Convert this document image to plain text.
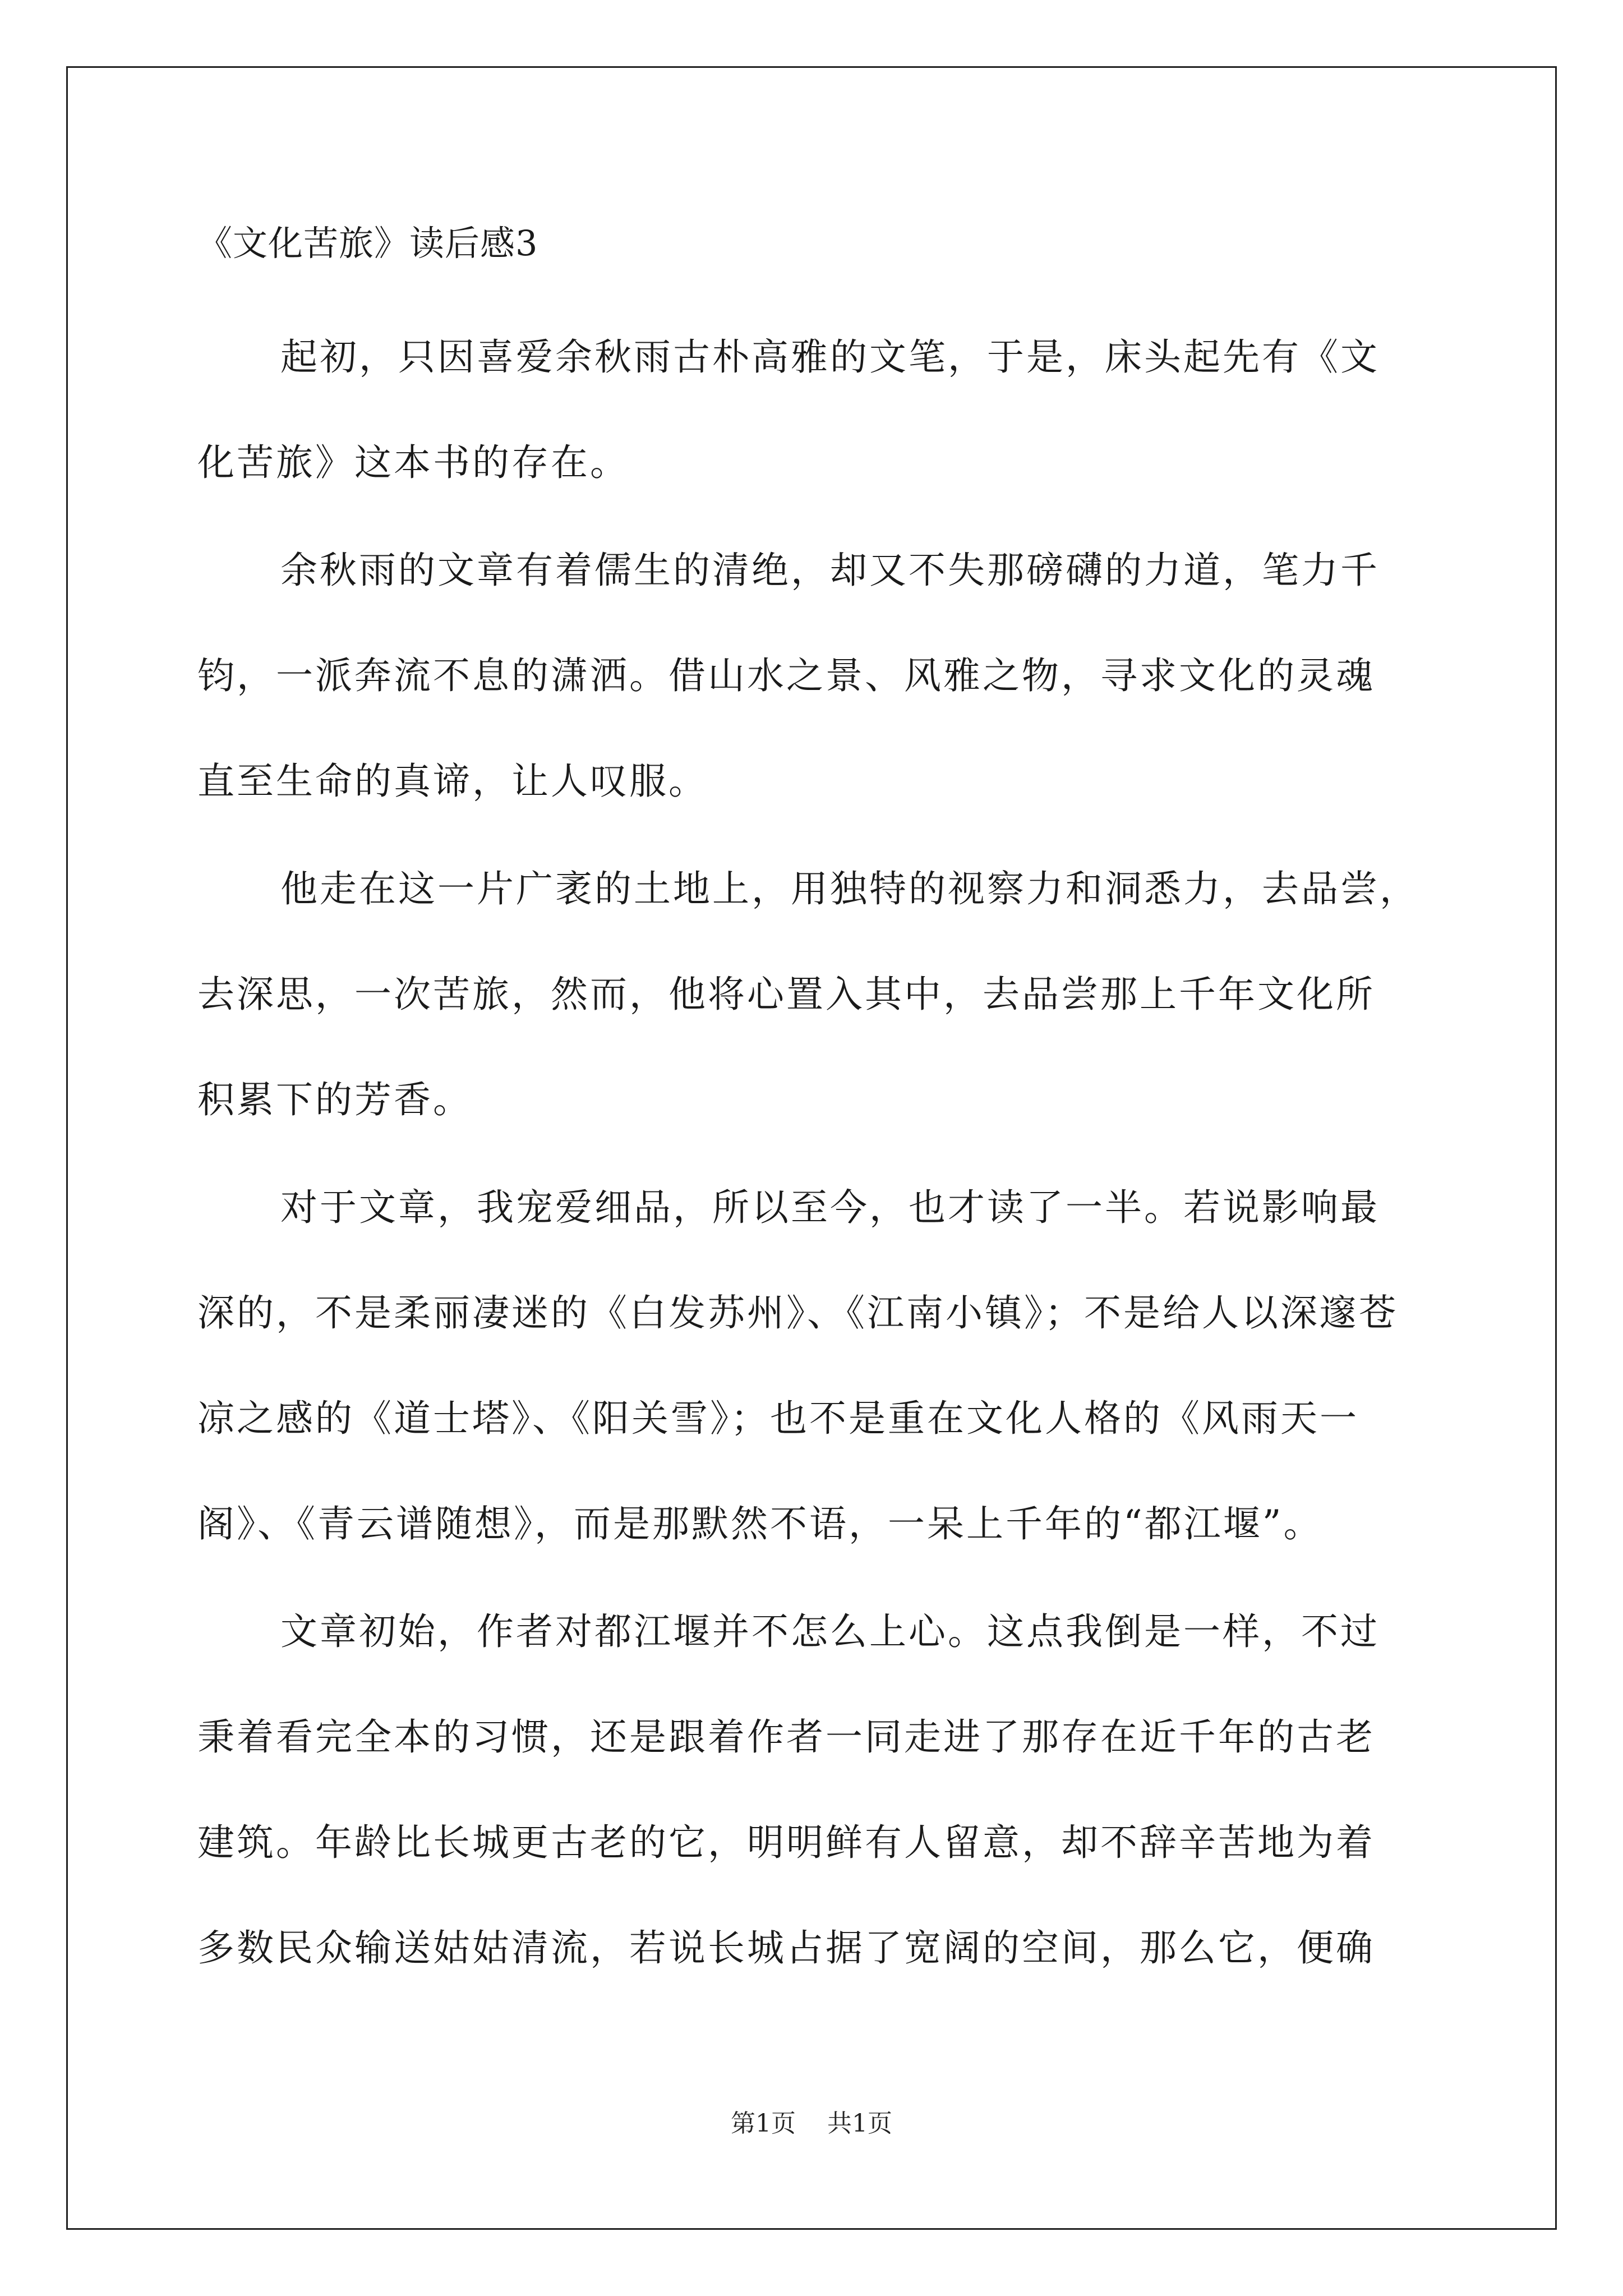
《文化苦旅》读后感3
起初，只因喜爱余秋雨古朴高雅的文笔，于是，床头起先有《文
化苦旅》这本书的存在。
余秋雨的文章有着儒生的清绝，却又不失那磅礴的力道，笔力千
钧，一派奔流不息的潇洒。借山水之景、风雅之物，寻求文化的灵魂
直至生命的真谛，让人叹服。
他走在这一片广袤的土地上，用独特的视察力和洞悉力，去品尝，
去深思，一次苦旅，然而，他将心置入其中，去品尝那上千年文化所
积累下的芳香。
对于文章，我宠爱细品，所以至今，也才读了一半。若说影响最
深的，不是柔丽凄迷的《白发苏州》、《江南小镇》；不是给人以深邃苍
凉之感的《道士塔》、《阳关雪》；也不是重在文化人格的《风雨天一
阁》、《青云谱随想》，而是那默然不语，一呆上千年的“都江堰”。
文章初始，作者对都江堰并不怎么上心。这点我倒是一样，不过
秉着看完全本的习惯，还是跟着作者一同走进了那存在近千年的古老
建筑。年龄比长城更古老的它，明明鲜有人留意，却不辞辛苦地为着
多数民众输送姑姑清流，若说长城占据了宽阔的空间，那么它，便确
第1页 共1页
